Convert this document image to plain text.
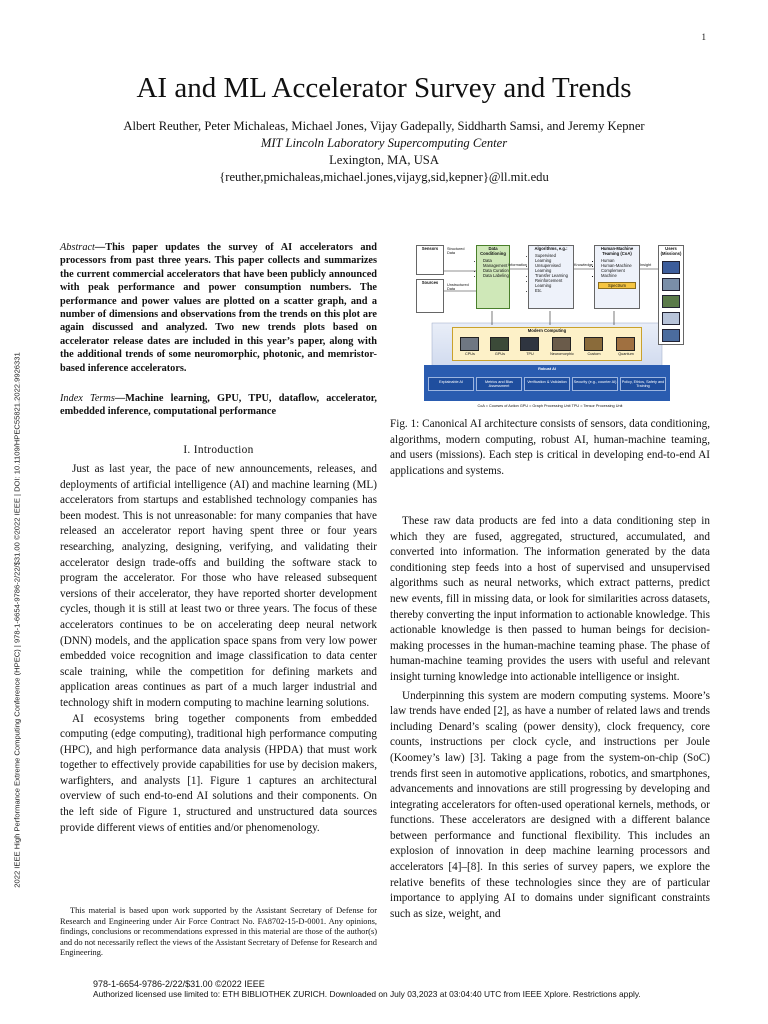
1
2022 IEEE High Performance Extreme Computing Conference (HPEC) | 978-1-6654-9786-2/22/$31.00 ©2022 IEEE | DOI: 10.1109/HPEC55821.2022.9926331
AI and ML Accelerator Survey and Trends
Albert Reuther, Peter Michaleas, Michael Jones, Vijay Gadepally, Siddharth Samsi, and Jeremy Kepner
MIT Lincoln Laboratory Supercomputing Center
Lexington, MA, USA
{reuther,pmichaleas,michael.jones,vijayg,sid,kepner}@ll.mit.edu
Abstract—This paper updates the survey of AI accelerators and processors from past three years. This paper collects and summarizes the current commercial accelerators that have been publicly announced with peak performance and power consumption numbers. The performance and power values are plotted on a scatter graph, and a number of dimensions and observations from the trends on this plot are again discussed and analyzed. Two new trends plots based on accelerator release dates are included in this year’s paper, along with the additional trends of some neuromorphic, photonic, and memristor-based inference accelerators.
Index Terms—Machine learning, GPU, TPU, dataflow, accelerator, embedded inference, computational performance
I. Introduction

Just as last year, the pace of new announcements, releases, and deployments of artificial intelligence (AI) and machine learning (ML) accelerators from startups and established technology companies has been modest. This is not unreasonable: for many companies that have released an accelerator report having spent three or four years researching, analyzing, designing, verifying, and validating their accelerator design trade-offs and building the software stack to program the accelerator. For those who have released subsequent versions of their accelerator, they have reported shorter development cycles, though it is still at least two or three years. The focus of these accelerators continues to be on accelerating deep neural network (DNN) models, and the application space spans from very low power embedded voice recognition and image classification to data center scale training, while the competition for defining markets and application areas continues as part of a much larger industrial and technology shift in modern computing to machine learning solutions.

AI ecosystems bring together components from embedded computing (edge computing), traditional high performance computing (HPC), and high performance data analysis (HPDA) that must work together to effectively provide capabilities for use by decision makers, warfighters, and analysts [1]. Figure 1 captures an architectural overview of such end-to-end AI solutions and their components. On the left side of Figure 1, structured and unstructured data sources provide different views of entities and/or phenomenology.

This material is based upon work supported by the Assistant Secretary of Defense for Research and Engineering under Air Force Contract No. FA8702-15-D-0001. Any opinions, findings, conclusions or recommendations expressed in this material are those of the author(s) and do not necessarily reflect the views of the Assistant Secretary of Defense for Research and Engineering.

Sensors
Sources
Structured Data
Unstructured Data
Data Conditioning
• Data Management
• Data Curation
• Data Labeling
Information
Algorithms, e.g.:
• Supervised Learning
• Unsupervised Learning
• Transfer Learning
• Reinforcement Learning
• Etc.
Knowledge
Human-Machine Teaming (CoA)
▪ Human
▪ Human-Machine Complement
▪ Machine
Spectrum
Insight
Users (Missions)
Modern Computing
CPUs	GPUs	TPU	Neuromorphic	Custom	Quantum
Robust AI
Explainable AI	Metrics and Bias Assessment
Verification & Validation	Security (e.g., counter AI)	Policy, Ethics, Safety and Training
CoA = Courses of Action GPU = Graph Processing Unit TPU = Tensor Processing Unit
Fig. 1: Canonical AI architecture consists of sensors, data conditioning, algorithms, modern computing, robust AI, human-machine teaming, and users (missions). Each step is critical in developing end-to-end AI applications and systems.

These raw data products are fed into a data conditioning step in which they are fused, aggregated, structured, accumulated, and converted into information. The information generated by the data conditioning step feeds into a host of supervised and unsupervised algorithms such as neural networks, which extract patterns, predict new events, fill in missing data, or look for similarities across datasets, thereby converting the input information to actionable knowledge. This actionable knowledge is then passed to human beings for decision-making processes in the human-machine teaming phase. The phase of human-machine teaming provides the users with useful and relevant insight turning knowledge into actionable intelligence or insight.

Underpinning this system are modern computing systems. Moore’s law trends have ended [2], as have a number of related laws and trends including Denard’s scaling (power density), clock frequency, core counts, instructions per clock cycle, and instructions per Joule (Koomey’s law) [3]. Taking a page from the system-on-chip (SoC) trends first seen in automotive applications, robotics, and smartphones, advancements and innovations are still progressing by developing and integrating accelerators for often-used operational kernels, methods, or functions. These accelerators are designed with a different balance between performance and functional flexibility. This includes an explosion of innovation in deep machine learning processors and accelerators [4]–[8]. In this series of survey papers, we explore the relative benefits of these technologies since they are of particular importance to applying AI to domains under significant constraints such as size, weight, and

978-1-6654-9786-2/22/$31.00 ©2022 IEEE
Authorized licensed use limited to: ETH BIBLIOTHEK ZURICH. Downloaded on July 03,2023 at 03:04:40 UTC from IEEE Xplore. Restrictions apply.
